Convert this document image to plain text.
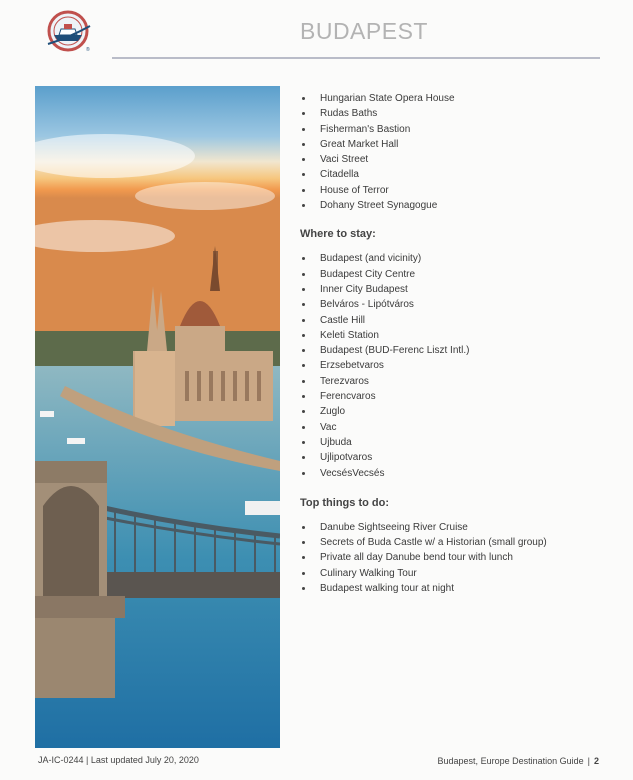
®
BUDAPEST
Hungarian State Opera House
Rudas Baths
Fisherman's Bastion
Great Market Hall
Vaci Street
Citadella
House of Terror
Dohany Street Synagogue
Where to stay:
Budapest (and vicinity)
Budapest City Centre
Inner City Budapest
Belváros - Lipótváros
Castle Hill
Keleti Station
Budapest (BUD-Ferenc Liszt Intl.)
Erzsebetvaros
Terezvaros
Ferencvaros
Zuglo
Vac
Ujbuda
Ujlipotvaros
VecsésVecsés
Top things to do:
Danube Sightseeing River Cruise
Secrets of Buda Castle w/ a Historian (small group)
Private all day Danube bend tour with lunch
Culinary Walking Tour
Budapest walking tour at night
JA-IC-0244 | Last updated July 20, 2020	Budapest, Europe Destination Guide | 2
